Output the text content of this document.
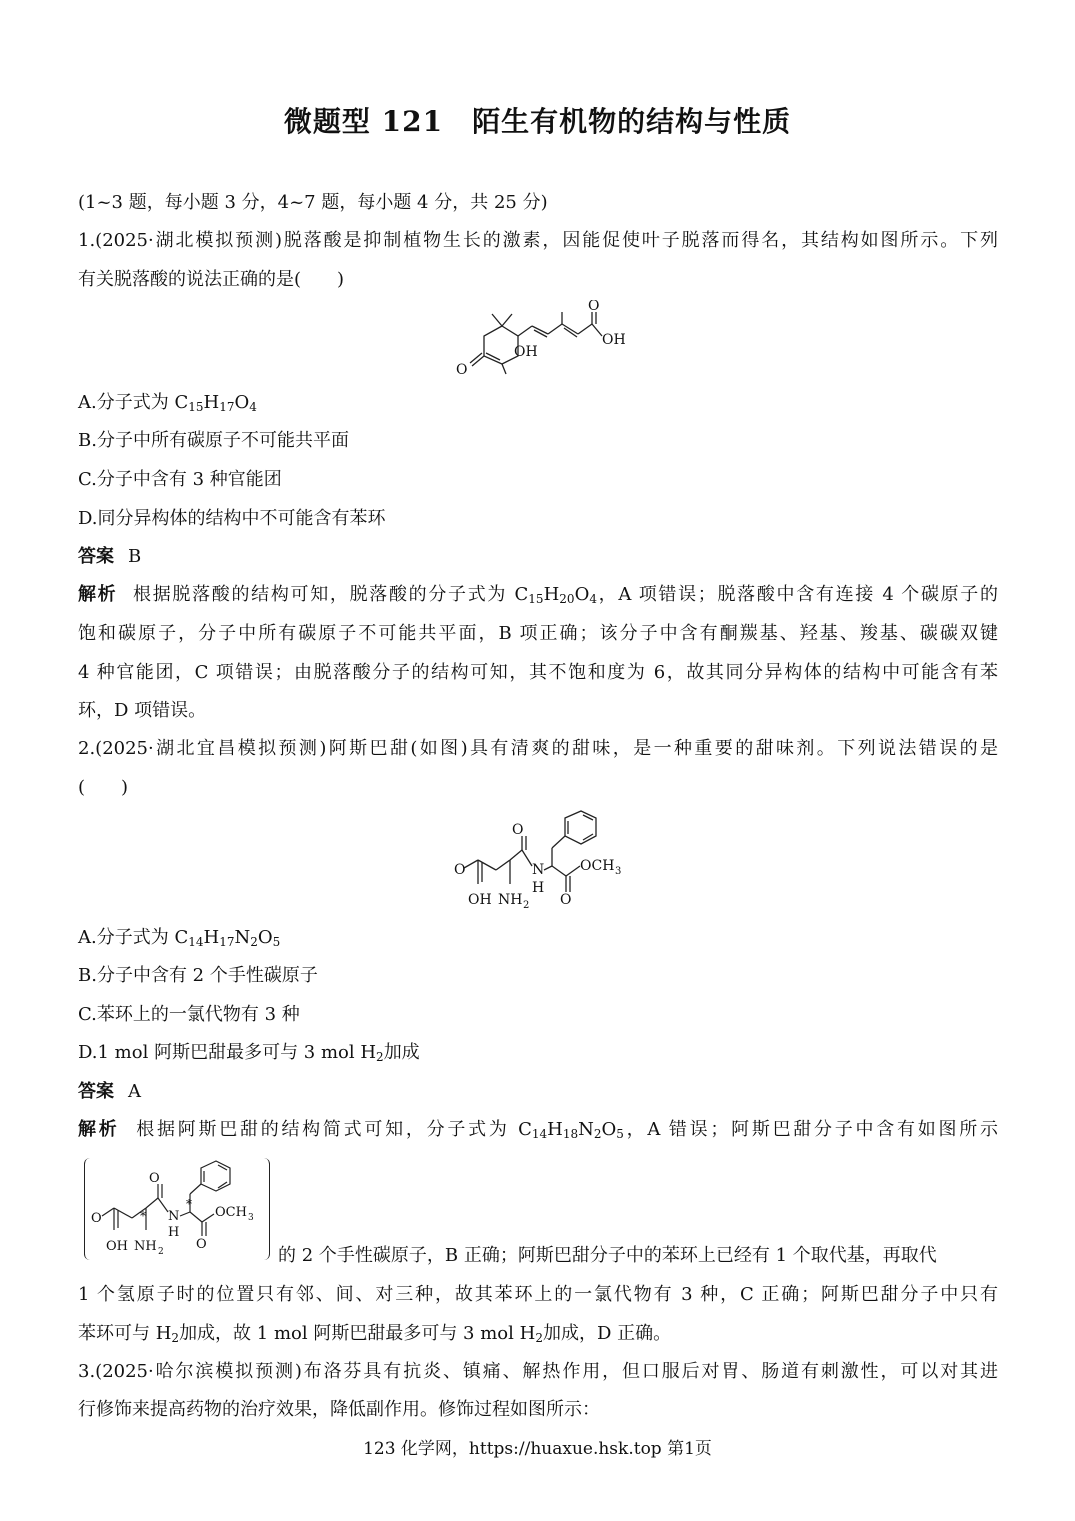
微题型 121　陌生有机物的结构与性质
(1~3 题，每小题 3 分，4~7 题，每小题 4 分，共 25 分)
1.(2025·湖北模拟预测)脱落酸是抑制植物生长的激素，因能促使叶子脱落而得名，其结构如图所示。下列
有关脱落酸的说法正确的是(　　)
OH
O
O
OH
A.分子式为 $C_{15}H_{17}O_4$
B.分子中所有碳原子不可能共平面
C.分子中含有 3 种官能团
D.同分异构体的结构中不可能含有苯环
答案 B
解析 根据脱落酸的结构可知，脱落酸的分子式为 $C_{15}H_{20}O_4$，A 项错误；脱落酸中含有连接 4 个碳原子的
饱和碳原子，分子中所有碳原子不可能共平面，B 项正确；该分子中含有酮羰基、羟基、羧基、碳碳双键
4 种官能团，C 项错误；由脱落酸分子的结构可知，其不饱和度为 6，故其同分异构体的结构中可能含有苯
环，D 项错误。
2.(2025·湖北宜昌模拟预测)阿斯巴甜(如图)具有清爽的甜味，是一种重要的甜味剂。下列说法错误的是
(　　)
O
O
O
OH NH 2
N
H
OCH 3
A.分子式为 $C_{14}H_{17}N_2O_5$
B.分子中含有 2 个手性碳原子
C.苯环上的一氯代物有 3 种
D.1 mol 阿斯巴甜最多可与 3 mol $H_2$加成
答案 A
解析 根据阿斯巴甜的结构简式可知，分子式为 $C_{14}H_{18}N_2O_5$，A 错误；阿斯巴甜分子中含有如图所示
O
O
O
OH NH 2
N
H
OCH 3
*
*
的 2 个手性碳原子，B 正确；阿斯巴甜分子中的苯环上已经有 1 个取代基，再取代
1 个氢原子时的位置只有邻、间、对三种，故其苯环上的一氯代物有 3 种，C 正确；阿斯巴甜分子中只有
苯环可与 $H_2$加成，故 1 mol 阿斯巴甜最多可与 3 mol $H_2$加成，D 正确。
3.(2025·哈尔滨模拟预测)布洛芬具有抗炎、镇痛、解热作用，但口服后对胃、肠道有刺激性，可以对其进
行修饰来提高药物的治疗效果，降低副作用。修饰过程如图所示：
123 化学网，https://huaxue.hsk.top 第1页
